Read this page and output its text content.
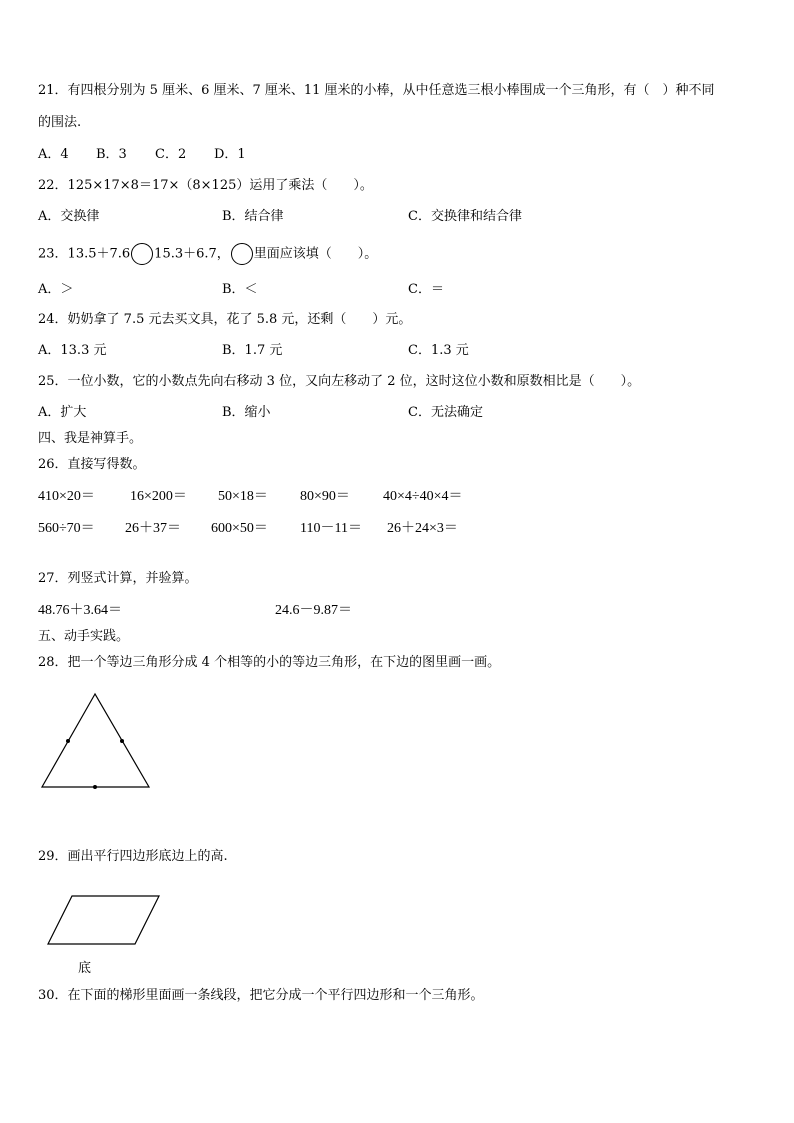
21．有四根分别为 5 厘米、6 厘米、7 厘米、11 厘米的小棒，从中任意选三根小棒围成一个三角形，有（　）种不同
的围法.
A．4 B．3 C．2 D．1
22．125×17×8＝17×（8×125）运用了乘法（　　）。
A．交换律	B．结合律	C．交换律和结合律
23．13.5＋7.6 15.3＋6.7， 里面应该填（　　）。
A．＞	B．＜	C．＝
24．奶奶拿了 7.5 元去买文具，花了 5.8 元，还剩（　　）元。
A．13.3 元	B．1.7 元	C．1.3 元
25．一位小数，它的小数点先向右移动 3 位，又向左移动了 2 位，这时这位小数和原数相比是（　　）。
A．扩大	B．缩小	C．无法确定
四、我是神算手。
26．直接写得数。
410×20＝	16×200＝ 50×18＝ 80×90＝ 40×4÷40×4＝
560÷70＝ 26＋37＝ 600×50＝ 110－11＝ 26＋24×3＝
27．列竖式计算，并验算。
48.76＋3.64＝	24.6－9.87＝
五、动手实践。
28．把一个等边三角形分成 4 个相等的小的等边三角形，在下边的图里画一画。
29．画出平行四边形底边上的高.
底
30．在下面的梯形里面画一条线段，把它分成一个平行四边形和一个三角形。
